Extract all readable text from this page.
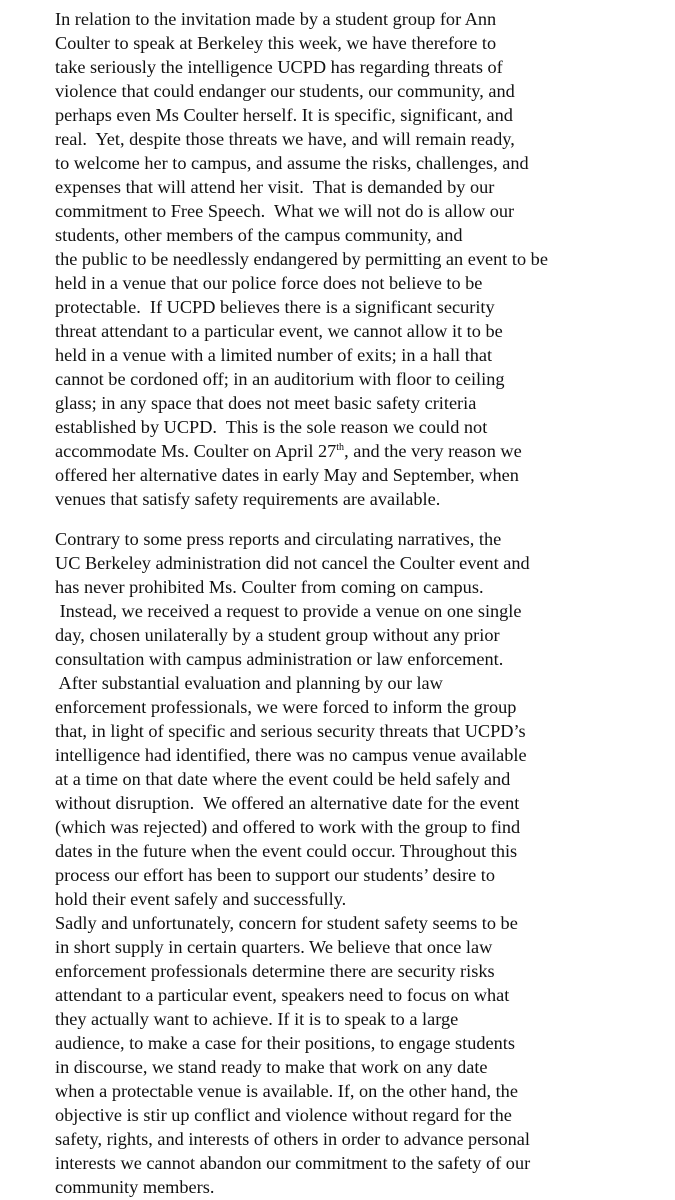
In relation to the invitation made by a student group for Ann
Coulter to speak at Berkeley this week, we have therefore to
take seriously the intelligence UCPD has regarding threats of
violence that could endanger our students, our community, and
perhaps even Ms Coulter herself. It is specific, significant, and
real.  Yet, despite those threats we have, and will remain ready,
to welcome her to campus, and assume the risks, challenges, and
expenses that will attend her visit.  That is demanded by our
commitment to Free Speech.  What we will not do is allow our
students, other members of the campus community, and
the public to be needlessly endangered by permitting an event to be
held in a venue that our police force does not believe to be
protectable.  If UCPD believes there is a significant security
threat attendant to a particular event, we cannot allow it to be
held in a venue with a limited number of exits; in a hall that
cannot be cordoned off; in an auditorium with floor to ceiling
glass; in any space that does not meet basic safety criteria
established by UCPD.  This is the sole reason we could not
accommodate Ms. Coulter on April 27th, and the very reason we
offered her alternative dates in early May and September, when
venues that satisfy safety requirements are available.

Contrary to some press reports and circulating narratives, the
UC Berkeley administration did not cancel the Coulter event and
has never prohibited Ms. Coulter from coming on campus.
Instead, we received a request to provide a venue on one single
day, chosen unilaterally by a student group without any prior
consultation with campus administration or law enforcement.
After substantial evaluation and planning by our law
enforcement professionals, we were forced to inform the group
that, in light of specific and serious security threats that UCPD’s
intelligence had identified, there was no campus venue available
at a time on that date where the event could be held safely and
without disruption.  We offered an alternative date for the event
(which was rejected) and offered to work with the group to find
dates in the future when the event could occur. Throughout this
process our effort has been to support our students’ desire to
hold their event safely and successfully.

Sadly and unfortunately, concern for student safety seems to be
in short supply in certain quarters. We believe that once law
enforcement professionals determine there are security risks
attendant to a particular event, speakers need to focus on what
they actually want to achieve. If it is to speak to a large
audience, to make a case for their positions, to engage students
in discourse, we stand ready to make that work on any date
when a protectable venue is available. If, on the other hand, the
objective is stir up conflict and violence without regard for the
safety, rights, and interests of others in order to advance personal
interests we cannot abandon our commitment to the safety of our
community members.
